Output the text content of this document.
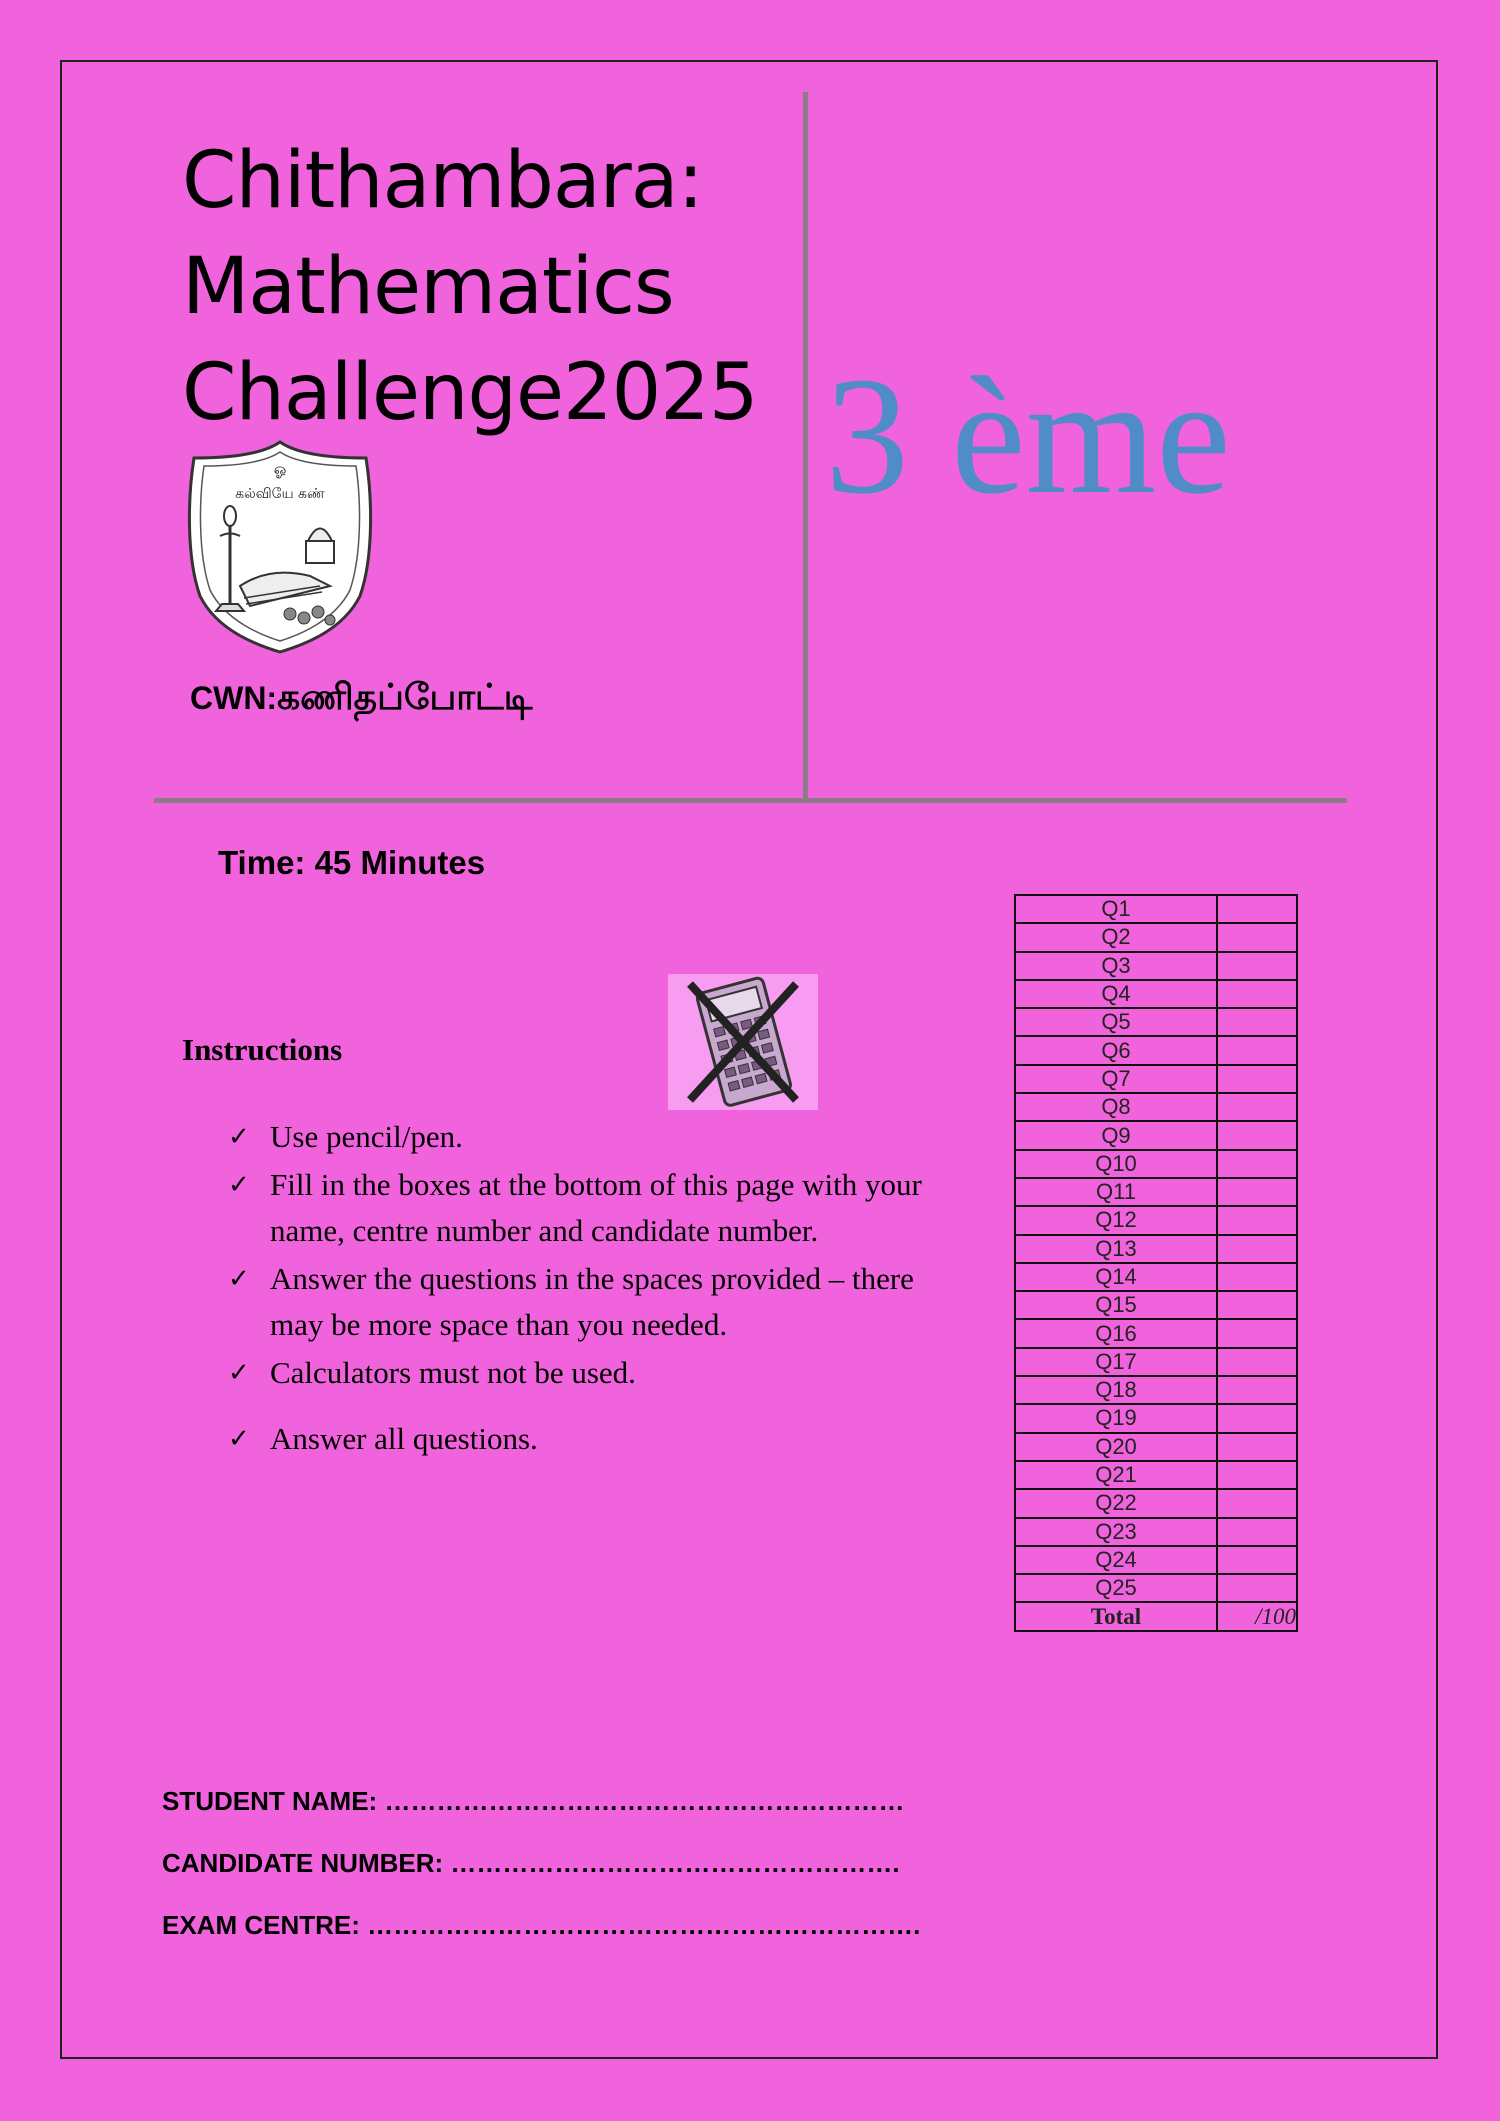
Chithambara:
Mathematics
Challenge2025 3 ème
ஓ
கல்வியே கண்
CWN:கணிதப்போட்டி
Time: 45 Minutes
Instructions
✓ Use pencil/pen.
✓ Fill in the boxes at the bottom of this page with your name, centre number and candidate number.
✓ Answer the questions in the spaces provided – there may be more space than you needed.
✓ Calculators must not be used.
✓ Answer all questions.
Q1	
Q2	
Q3	
Q4	
Q5	
Q6	
Q7	
Q8	
Q9	
Q10	
Q11	
Q12	
Q13	
Q14	
Q15	
Q16	
Q17	
Q18	
Q19	
Q20	
Q21	
Q22	
Q23	
Q24	
Q25	
Total	/100
STUDENT NAME: ……………………………………………………
CANDIDATE NUMBER: …………………………………………….
EXAM CENTRE: ……………………………………………………….
